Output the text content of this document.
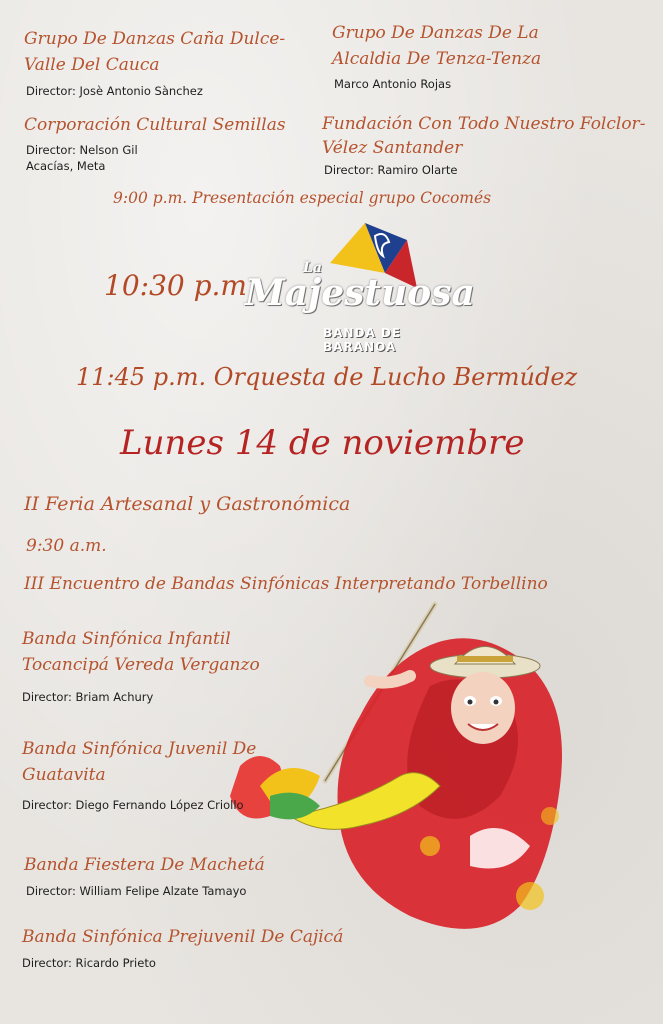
Grupo De Danzas Caña Dulce-

Valle Del Cauca

Director: Josè Antonio Sànchez

Grupo De Danzas De La

Alcaldia De Tenza-Tenza

Marco Antonio Rojas

Corporación Cultural Semillas

Director: Nelson Gil

Acacías, Meta

Fundación Con Todo Nuestro Folclor-

Vélez Santander

Director: Ramiro Olarte

9:00 p.m. Presentación especial grupo Cocomés

10:30 p.m.

La
Majestuosa
BANDA DE BARANOA

11:45 p.m. Orquesta de Lucho Bermúdez

Lunes 14 de noviembre

II Feria Artesanal y Gastronómica

9:30 a.m.

III Encuentro de Bandas Sinfónicas Interpretando Torbellino

Banda Sinfónica Infantil

Tocancipá Vereda Verganzo

Director: Briam Achury

Banda Sinfónica Juvenil De

Guatavita

Director: Diego Fernando López Criollo

Banda Fiestera De Machetá

Director: William Felipe Alzate Tamayo

Banda Sinfónica Prejuvenil De Cajicá

Director: Ricardo Prieto
